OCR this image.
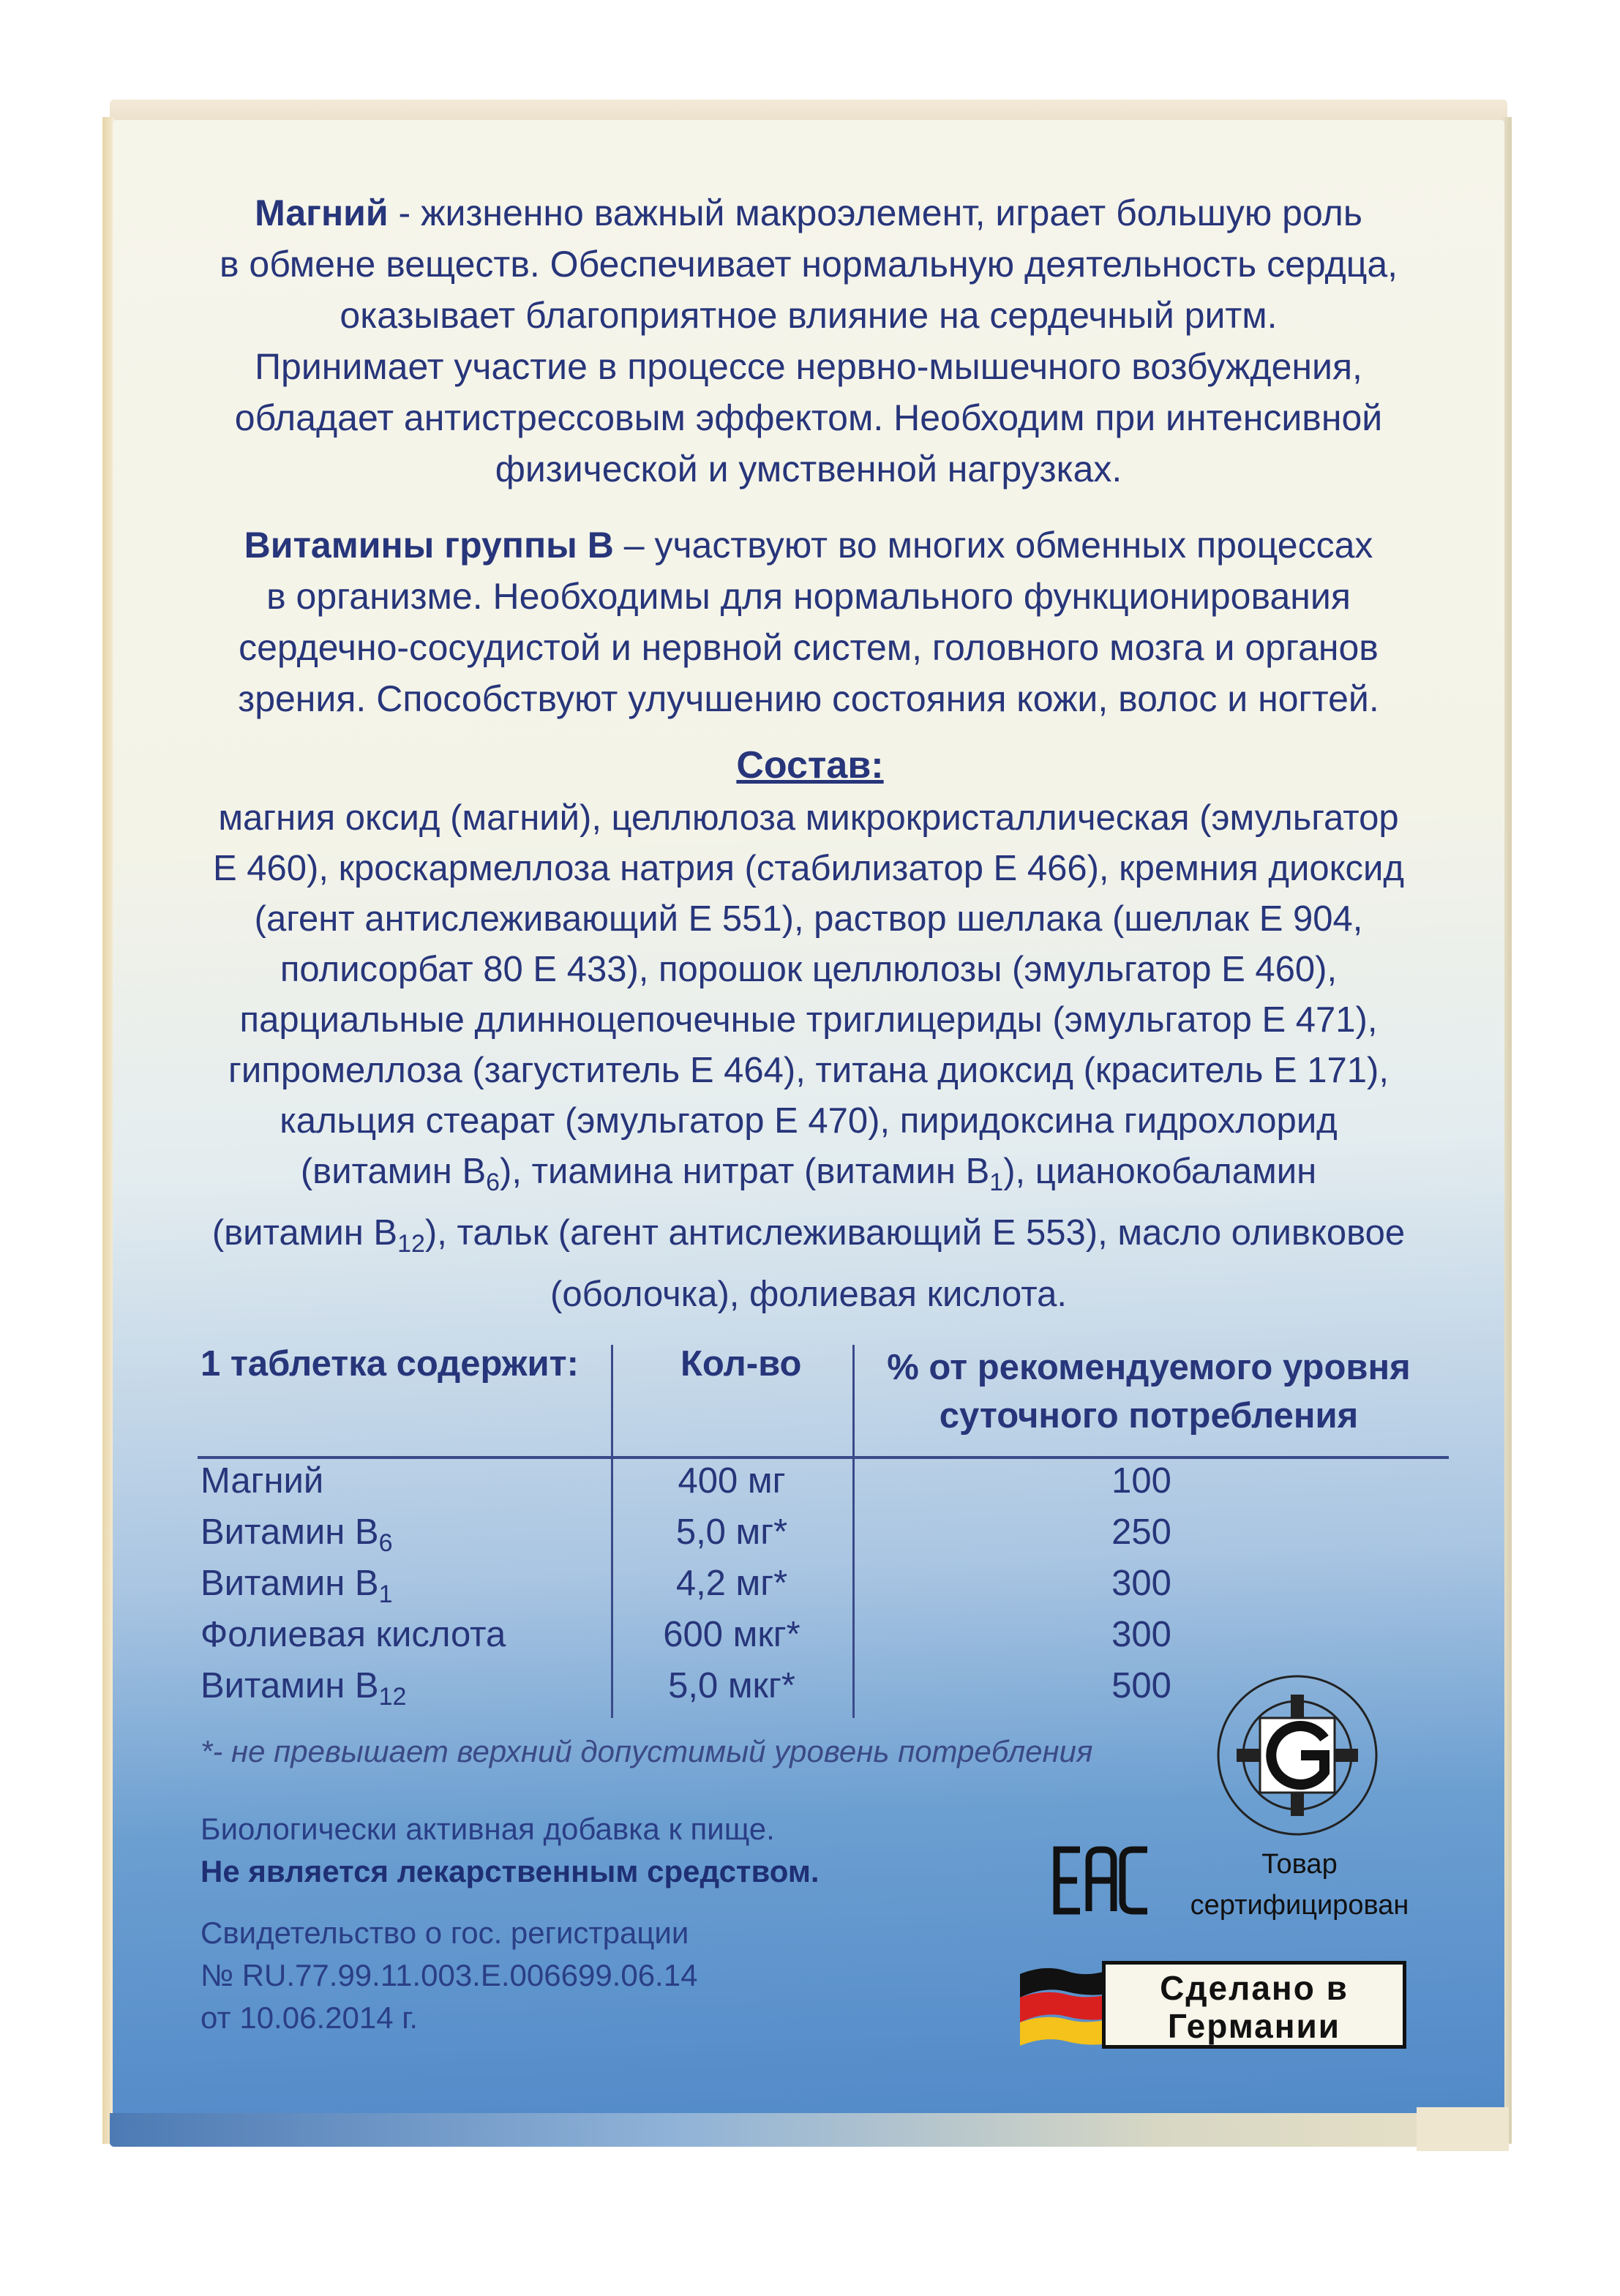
Магний - жизненно важный макроэлемент, играет большую роль
в обмене веществ. Обеспечивает нормальную деятельность сердца,
оказывает благоприятное влияние на сердечный ритм.
Принимает участие в процессе нервно-мышечного возбуждения,
обладает антистрессовым эффектом. Необходим при интенсивной
физической и умственной нагрузках.
Витамины группы В – участвуют во многих обменных процессах
в организме. Необходимы для нормального функционирования
сердечно-сосудистой и нервной систем, головного мозга и органов
зрения. Способствуют улучшению состояния кожи, волос и ногтей.
Состав:
магния оксид (магний), целлюлоза микрокристаллическая (эмульгатор
Е 460), кроскармеллоза натрия (стабилизатор Е 466), кремния диоксид
(агент антислеживающий Е 551), раствор шеллака (шеллак Е 904,
полисорбат 80 Е 433), порошок целлюлозы (эмульгатор Е 460),
парциальные длинноцепочечные триглицериды (эмульгатор Е 471),
гипромеллоза (загуститель Е 464), титана диоксид (краситель Е 171),
кальция стеарат (эмульгатор Е 470), пиридоксина гидрохлорид
(витамин $В_6$), тиамина нитрат (витамин $В_1$), цианокобаламин
(витамин $В_{12}$), тальк (агент антислеживающий Е 553), масло оливковое
(оболочка), фолиевая кислота.
1 таблетка содержит:	Кол-во	% от рекомендуемого уровня
суточного потребления
Магний	400 мг	100
Витамин $В_6$	5,0 мг*	250
Витамин $В_1$	4,2 мг*	300
Фолиевая кислота	600 мкг*	300
Витамин $В_{12}$	5,0 мкг*	500
*- не превышает верхний допустимый уровень потребления
Биологически активная добавка к пище.
Не является лекарственным средством.
Свидетельство о гос. регистрации
№ RU.77.99.11.003.Е.006699.06.14
от 10.06.2014 г.
Товар
сертифицирован
Сделано в
Германии
